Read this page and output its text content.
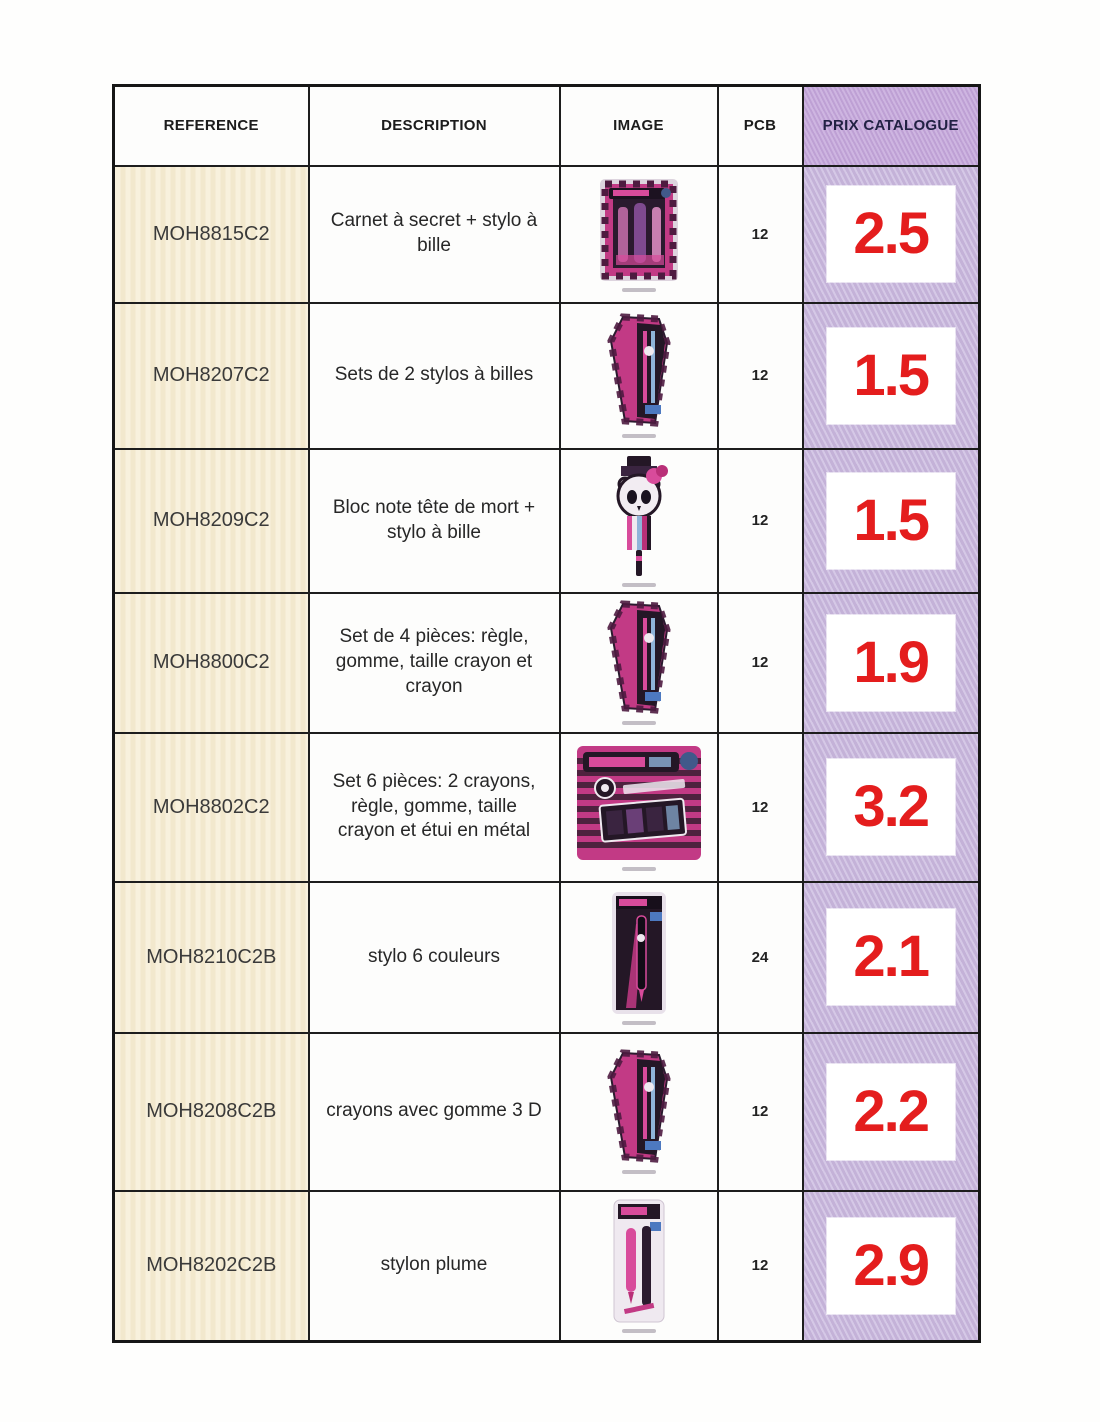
REFERENCE	DESCRIPTION	IMAGE	PCB	PRIX CATALOGUE
MOH8815C2	Carnet à secret + stylo à bille		12	2.5

MOH8207C2	Sets de 2 stylos à billes		12	1.5

MOH8209C2	Bloc note tête de mort + stylo à bille		12	1.5

MOH8800C2	Set de 4 pièces: règle, gomme, taille crayon et crayon		12	1.9

MOH8802C2	Set 6 pièces: 2 crayons, règle, gomme, taille crayon et étui en métal		12	3.2

MOH8210C2B	stylo 6 couleurs		24	2.1

MOH8208C2B	crayons avec gomme 3 D		12	2.2

MOH8202C2B	stylon plume		12	2.9
